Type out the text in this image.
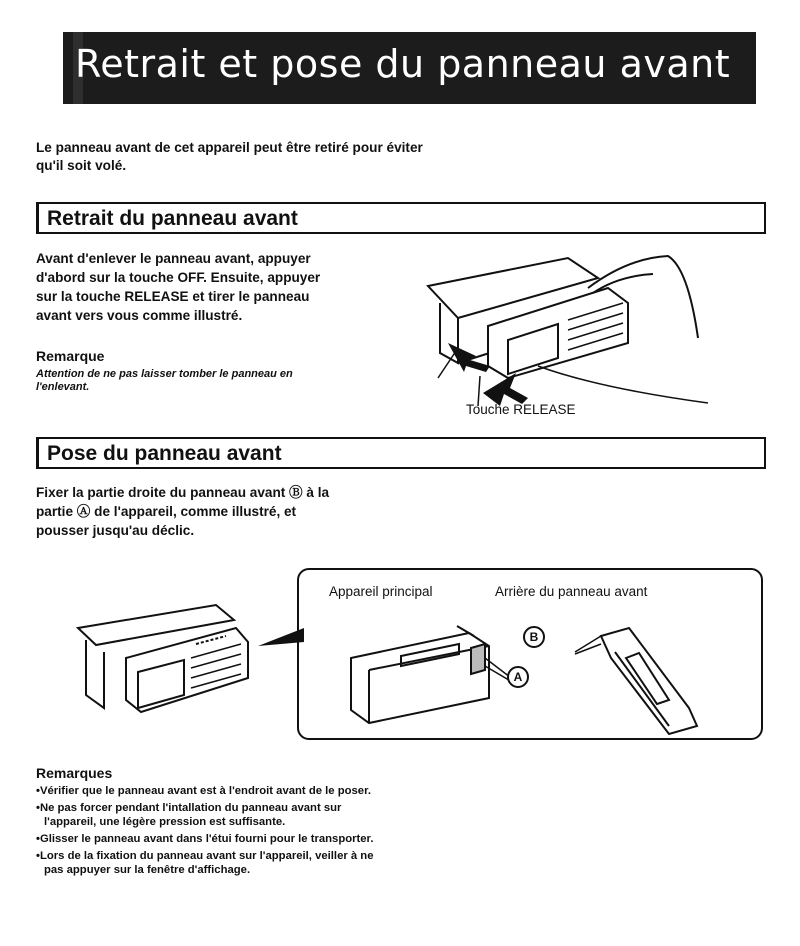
Retrait et pose du panneau avant

Le panneau avant de cet appareil peut être retiré pour éviter

qu'il soit volé.

Retrait du panneau avant

Avant d'enlever le panneau avant, appuyer

d'abord sur la touche OFF. Ensuite, appuyer

sur la touche RELEASE et tirer le panneau

avant vers vous comme illustré.

Remarque

Attention de ne pas laisser tomber le panneau en

l'enlevant.

Touche RELEASE
Pose du panneau avant

Fixer la partie droite du panneau avant Ⓑ à la

partie Ⓐ de l'appareil, comme illustré, et

pousser jusqu'au déclic.

Appareil principal	Arrière du panneau avant
B
A
Remarques
•Vérifier que le panneau avant est à l'endroit avant de le poser.
•Ne pas forcer pendant l'intallation du panneau avant sur l'appareil, une légère pression est suffisante.
•Glisser le panneau avant dans l'étui fourni pour le transporter.
•Lors de la fixation du panneau avant sur l'appareil, veiller à ne pas appuyer sur la fenêtre d'affichage.
